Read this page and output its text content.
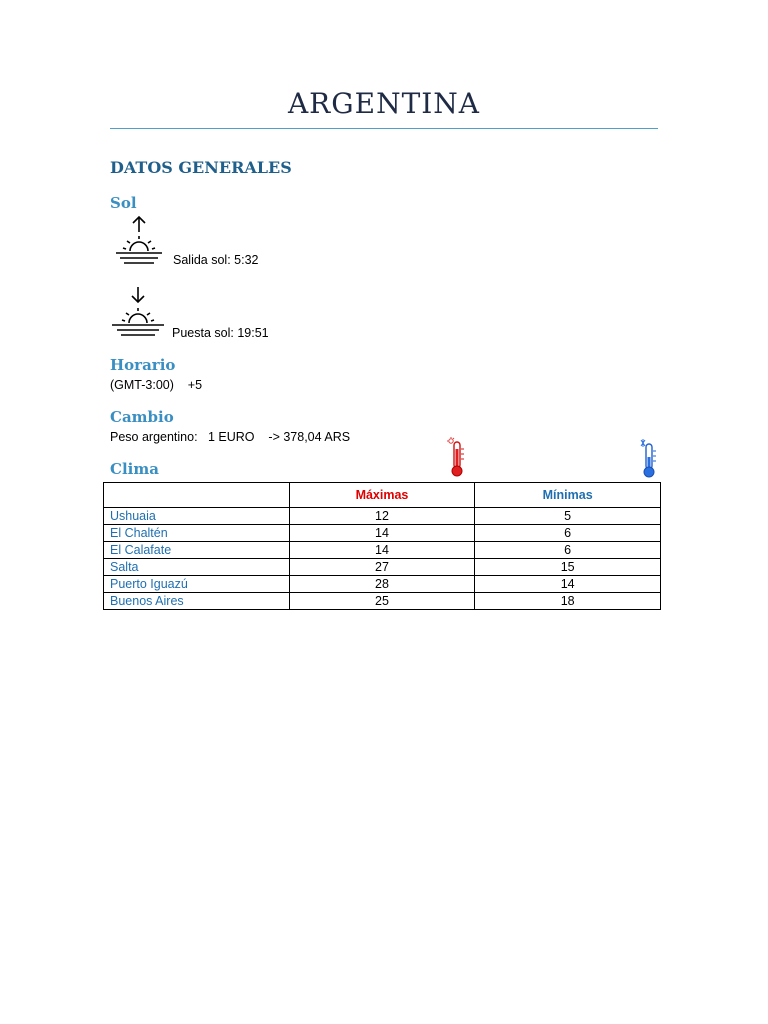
ARGENTINA
DATOS GENERALES
Sol
Salida sol: 5:32
Puesta sol: 19:51
Horario
(GMT-3:00)    +5
Cambio
Peso argentino:   1 EURO    -> 378,04 ARS
Clima
	Máximas	Mínimas
Ushuaia	12	5
El Chaltén	14	6
El Calafate	14	6
Salta	27	15
Puerto Iguazú	28	14
Buenos Aires	25	18
